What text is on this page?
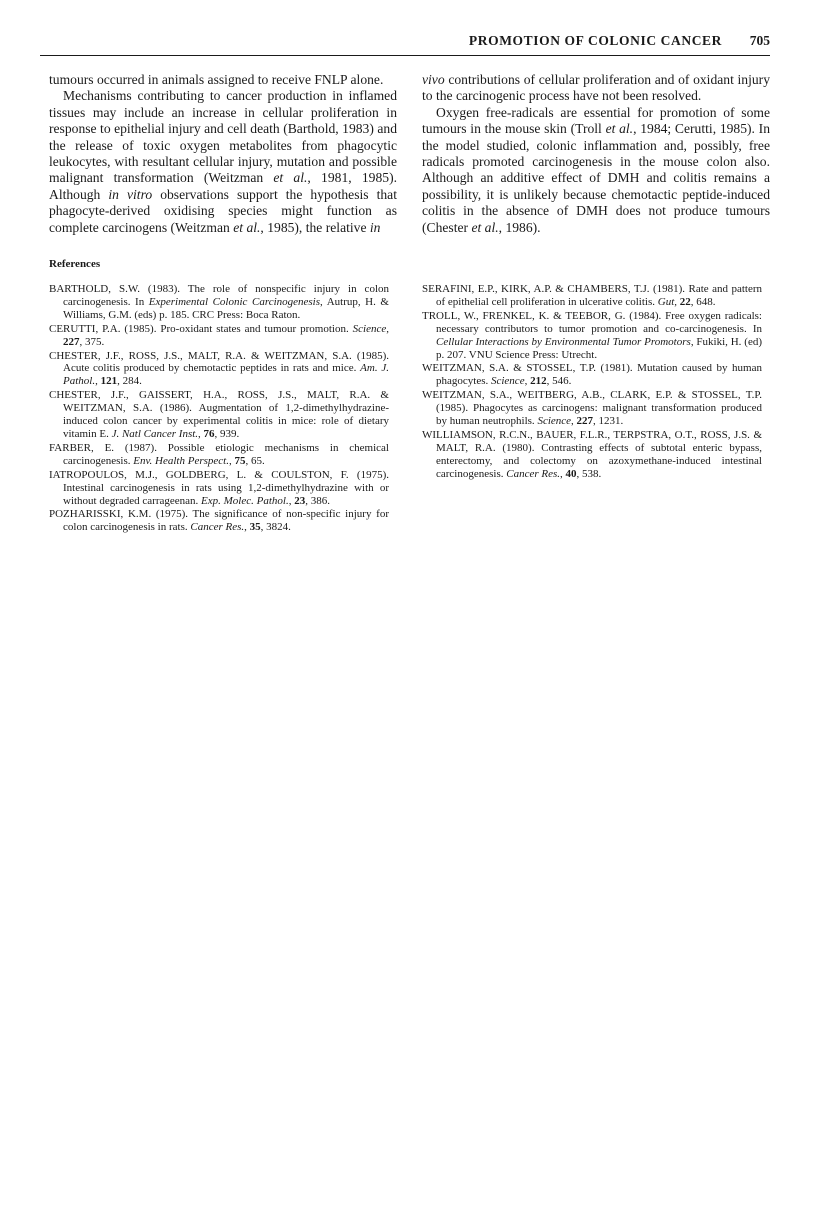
PROMOTION OF COLONIC CANCER 705

tumours occurred in animals assigned to receive FNLP alone.

Mechanisms contributing to cancer production in inflamed tissues may include an increase in cellular proliferation in response to epithelial injury and cell death (Barthold, 1983) and the release of toxic oxygen metabolites from phagocytic leukocytes, with resultant cellular injury, mutation and possible malignant transformation (Weitzman et al., 1981, 1985). Although in vitro observations support the hypothesis that phagocyte-derived oxidising species might function as complete carcinogens (Weitzman et al., 1985), the relative in

vivo contributions of cellular proliferation and of oxidant injury to the carcinogenic process have not been resolved.

Oxygen free-radicals are essential for promotion of some tumours in the mouse skin (Troll et al., 1984; Cerutti, 1985). In the model studied, colonic inflammation and, possibly, free radicals promoted carcinogenesis in the mouse colon also. Although an additive effect of DMH and colitis remains a possibility, it is unlikely because chemotactic peptide-induced colitis in the absence of DMH does not produce tumours (Chester et al., 1986).

References

BARTHOLD, S.W. (1983). The role of nonspecific injury in colon carcinogenesis. In Experimental Colonic Carcinogenesis, Autrup, H. & Williams, G.M. (eds) p. 185. CRC Press: Boca Raton.

CERUTTI, P.A. (1985). Pro-oxidant states and tumour promotion. Science, 227, 375.

CHESTER, J.F., ROSS, J.S., MALT, R.A. & WEITZMAN, S.A. (1985). Acute colitis produced by chemotactic peptides in rats and mice. Am. J. Pathol., 121, 284.

CHESTER, J.F., GAISSERT, H.A., ROSS, J.S., MALT, R.A. & WEITZMAN, S.A. (1986). Augmentation of 1,2-dimethylhydrazine-induced colon cancer by experimental colitis in mice: role of dietary vitamin E. J. Natl Cancer Inst., 76, 939.

FARBER, E. (1987). Possible etiologic mechanisms in chemical carcinogenesis. Env. Health Perspect., 75, 65.

IATROPOULOS, M.J., GOLDBERG, L. & COULSTON, F. (1975). Intestinal carcinogenesis in rats using 1,2-dimethylhydrazine with or without degraded carrageenan. Exp. Molec. Pathol., 23, 386.

POZHARISSKI, K.M. (1975). The significance of non-specific injury for colon carcinogenesis in rats. Cancer Res., 35, 3824.

SERAFINI, E.P., KIRK, A.P. & CHAMBERS, T.J. (1981). Rate and pattern of epithelial cell proliferation in ulcerative colitis. Gut, 22, 648.

TROLL, W., FRENKEL, K. & TEEBOR, G. (1984). Free oxygen radicals: necessary contributors to tumor promotion and co-carcinogenesis. In Cellular Interactions by Environmental Tumor Promotors, Fukiki, H. (ed) p. 207. VNU Science Press: Utrecht.

WEITZMAN, S.A. & STOSSEL, T.P. (1981). Mutation caused by human phagocytes. Science, 212, 546.

WEITZMAN, S.A., WEITBERG, A.B., CLARK, E.P. & STOSSEL, T.P. (1985). Phagocytes as carcinogens: malignant transformation produced by human neutrophils. Science, 227, 1231.

WILLIAMSON, R.C.N., BAUER, F.L.R., TERPSTRA, O.T., ROSS, J.S. & MALT, R.A. (1980). Contrasting effects of subtotal enteric bypass, enterectomy, and colectomy on azoxymethane-induced intestinal carcinogenesis. Cancer Res., 40, 538.
